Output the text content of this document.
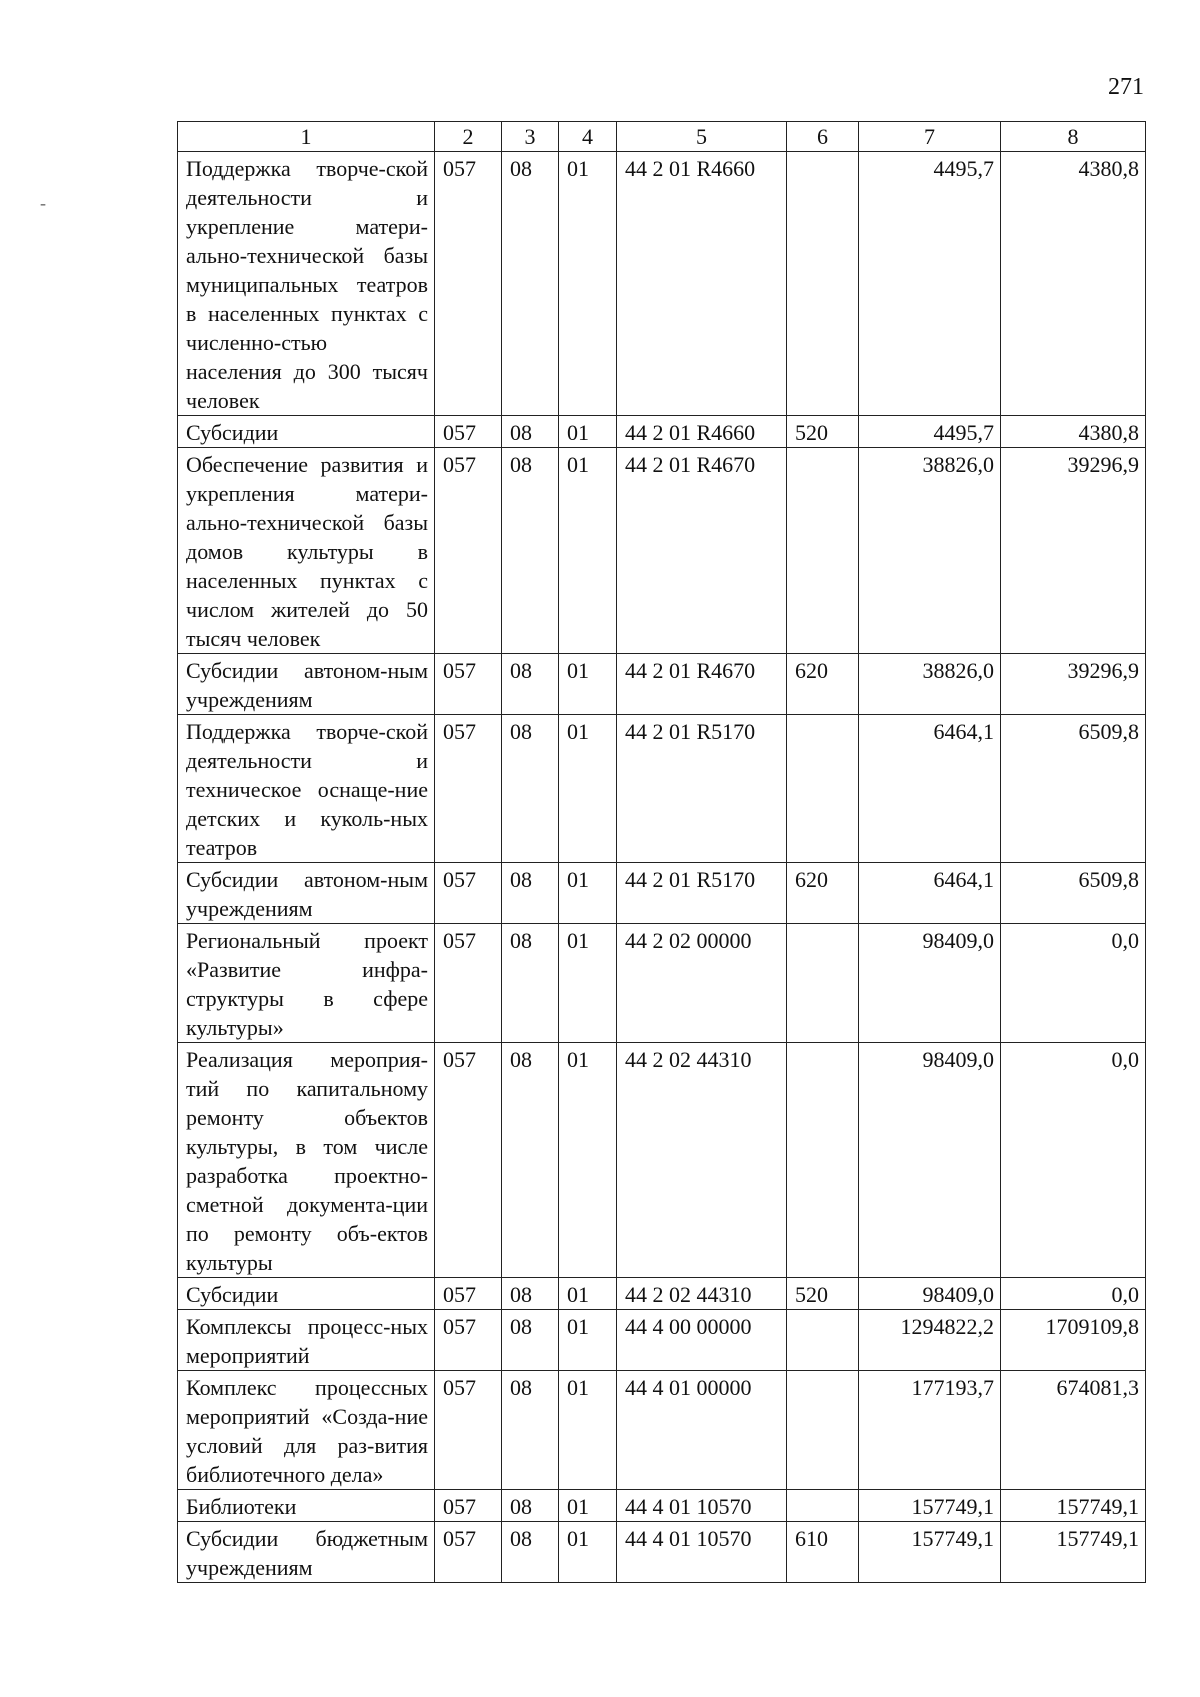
271
-
1	2	3	4	5	6	7	8
Поддержка творче-ской деятельности и укрепление матери-ально-технической базы муниципальных театров в населенных пунктах с численно-стью населения до 300 тысяч человек	057	08	01	44 2 01 R4660		4495,7	4380,8
Субсидии	057	08	01	44 2 01 R4660	520	4495,7	4380,8
Обеспечение развития и укрепления матери-ально-технической базы домов культуры в населенных пунктах с числом жителей до 50 тысяч человек	057	08	01	44 2 01 R4670		38826,0	39296,9
Субсидии автоном-ным учреждениям	057	08	01	44 2 01 R4670	620	38826,0	39296,9
Поддержка творче-ской деятельности и техническое оснаще-ние детских и куколь-ных театров	057	08	01	44 2 01 R5170		6464,1	6509,8
Субсидии автоном-ным учреждениям	057	08	01	44 2 01 R5170	620	6464,1	6509,8
Региональный проект «Развитие инфра-структуры в сфере культуры»	057	08	01	44 2 02 00000		98409,0	0,0
Реализация мероприя-тий по капитальному ремонту объектов культуры, в том числе разработка проектно-сметной документа-ции по ремонту объ-ектов культуры	057	08	01	44 2 02 44310		98409,0	0,0
Субсидии	057	08	01	44 2 02 44310	520	98409,0	0,0
Комплексы процесс-ных мероприятий	057	08	01	44 4 00 00000		1294822,2	1709109,8
Комплекс процессных мероприятий «Созда-ние условий для раз-вития библиотечного дела»	057	08	01	44 4 01 00000		177193,7	674081,3
Библиотеки	057	08	01	44 4 01 10570		157749,1	157749,1
Субсидии бюджетным учреждениям	057	08	01	44 4 01 10570	610	157749,1	157749,1
